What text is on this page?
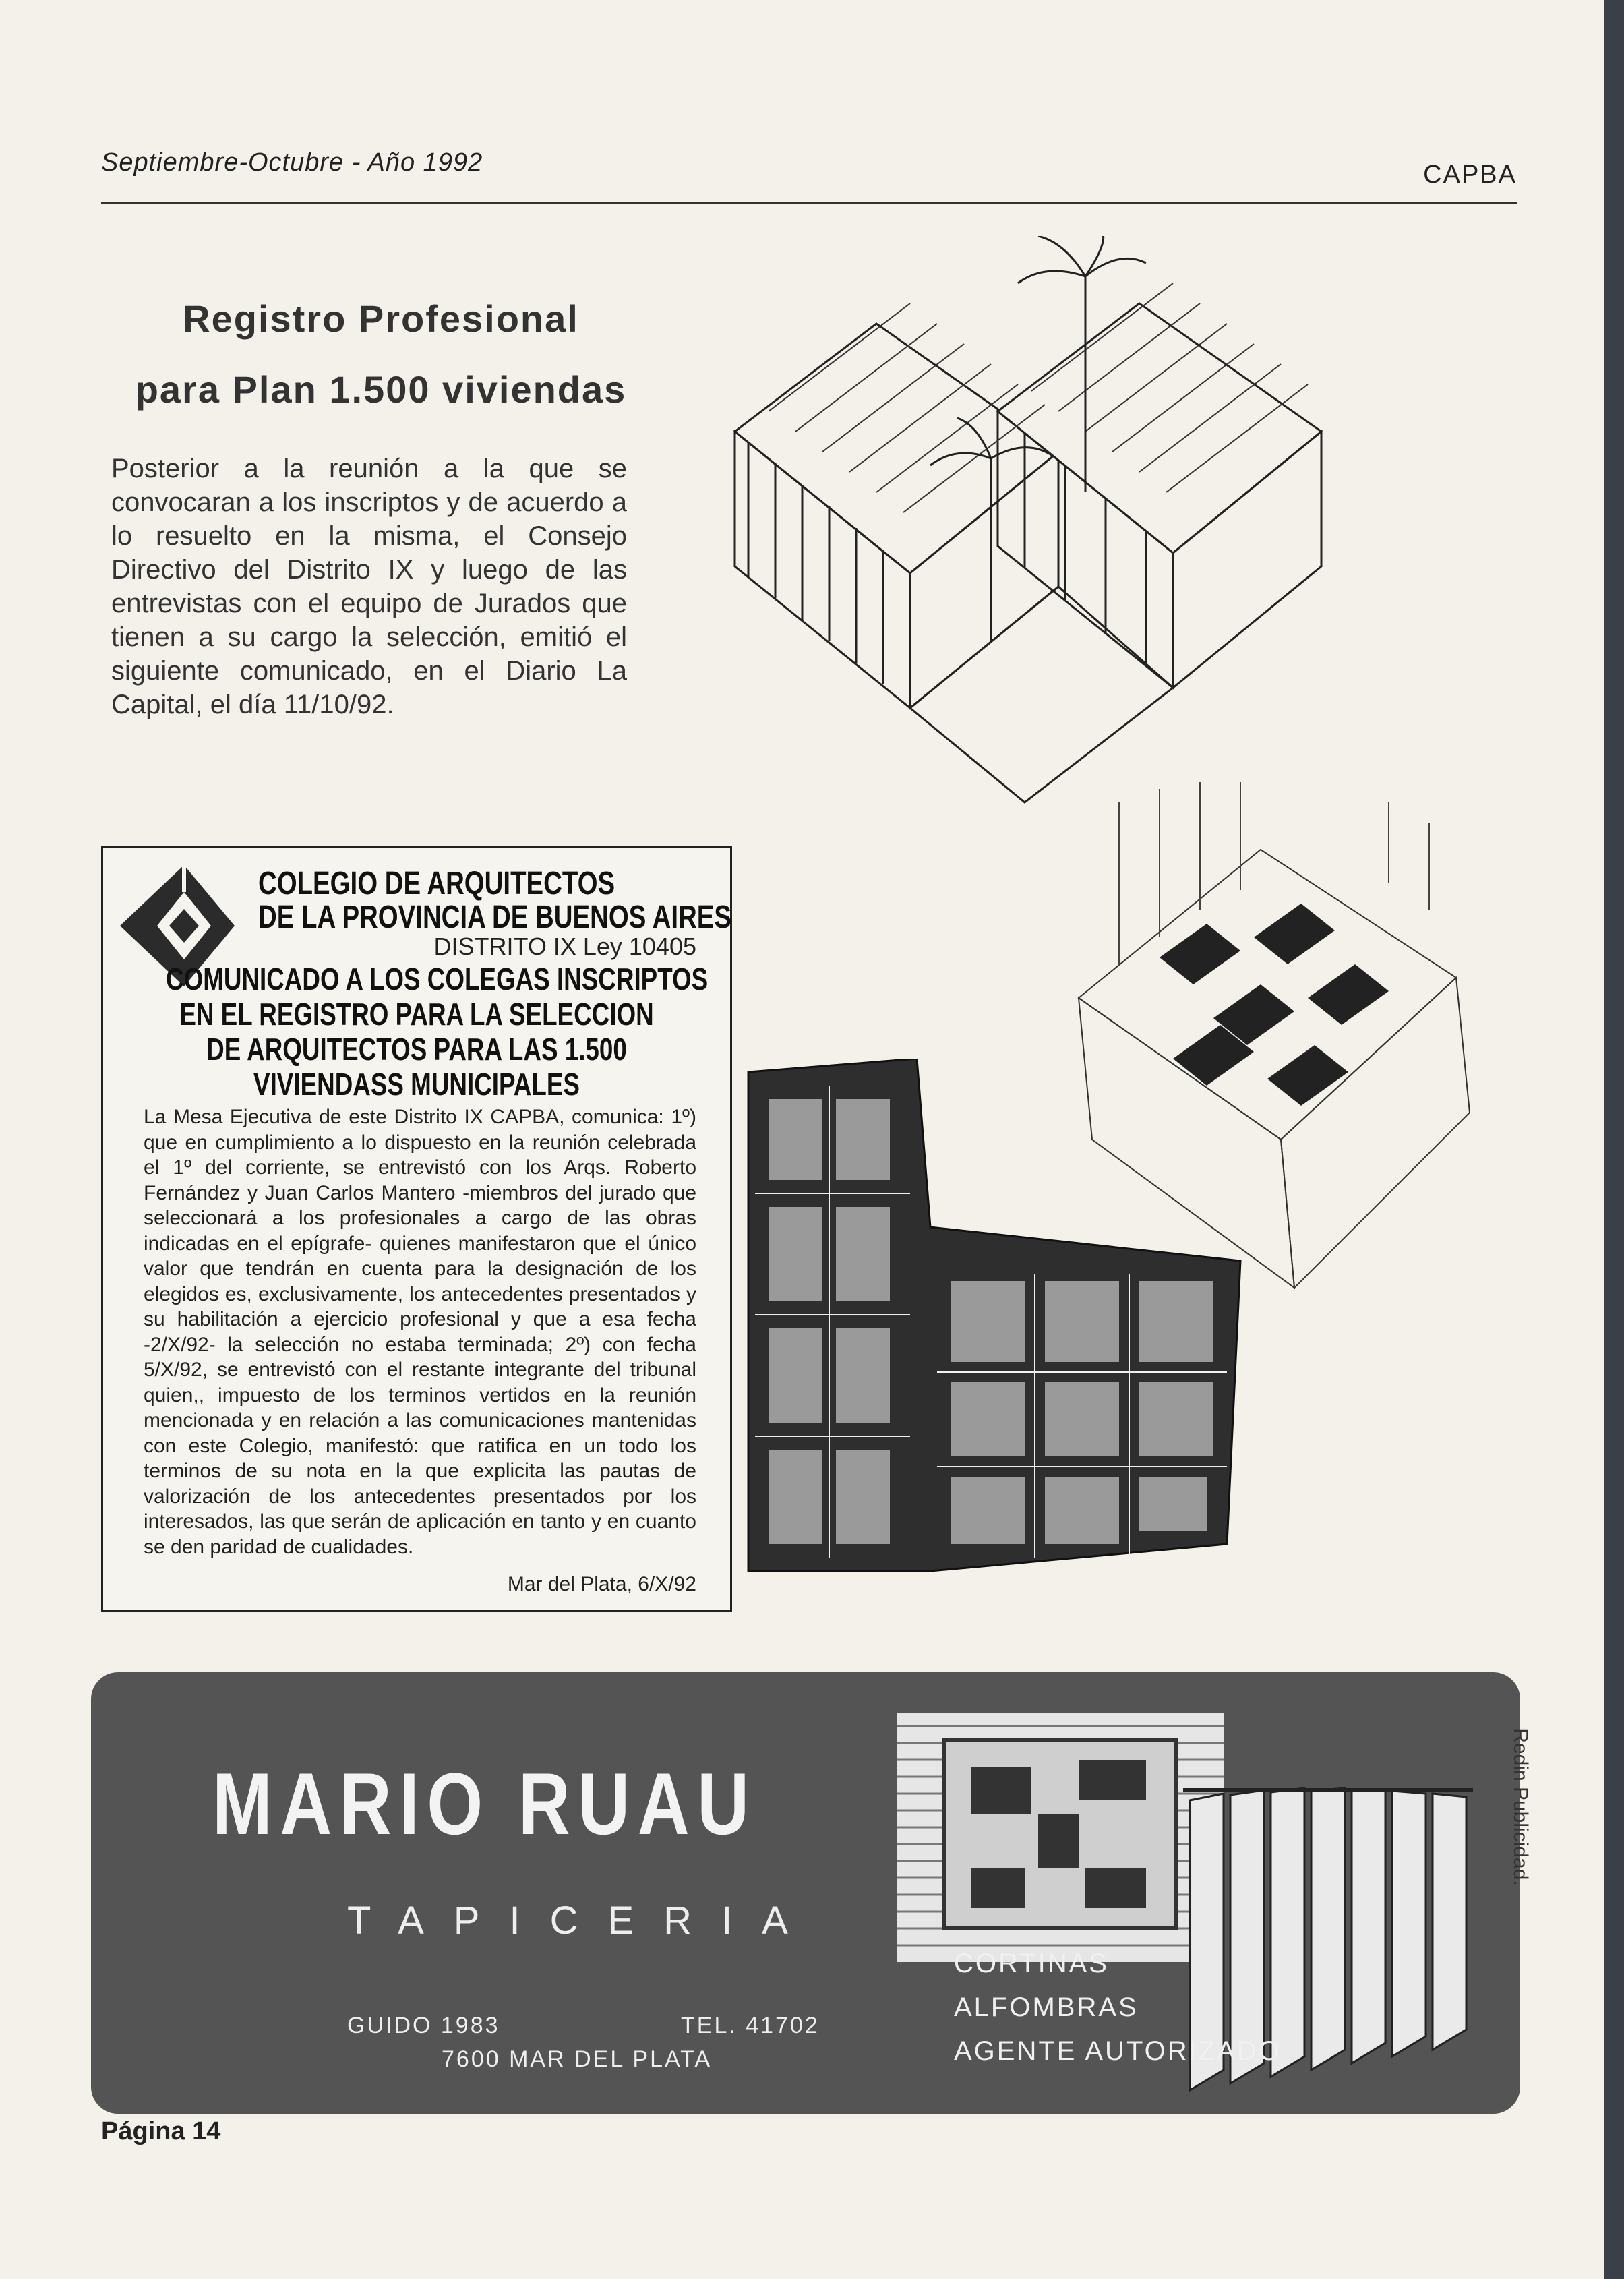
Septiembre-Octubre - Año 1992	CAPBA
Registro Profesional
para Plan 1.500 viviendas
Posterior a la reunión a la que se convocaran a los inscriptos y de acuerdo a lo resuelto en la misma, el Consejo Directivo del Distrito IX y luego de las entrevistas con el equipo de Jurados que tienen a su cargo la selección, emitió el siguiente comunicado, en el Diario La Capital, el día 11/10/92.
COLEGIO DE ARQUITECTOS
DE LA PROVINCIA DE BUENOS AIRES
DISTRITO IX Ley 10405
COMUNICADO A LOS COLEGAS INSCRIPTOS
EN EL REGISTRO PARA LA SELECCION
DE ARQUITECTOS PARA LAS 1.500
VIVIENDASS MUNICIPALES
La Mesa Ejecutiva de este Distrito IX CAPBA, comunica: 1º) que en cumplimiento a lo dispuesto en la reunión celebrada el 1º del corriente, se entrevistó con los Arqs. Roberto Fernández y Juan Carlos Mantero -miembros del jurado que seleccionará a los profesionales a cargo de las obras indicadas en el epígrafe- quienes manifestaron que el único valor que tendrán en cuenta para la designación de los elegidos es, exclusivamente, los antecedentes presentados y su habilitación a ejercicio profesional y que a esa fecha -2/X/92- la selección no estaba terminada; 2º) con fecha 5/X/92, se entrevistó con el restante integrante del tribunal quien,, impuesto de los terminos vertidos en la reunión mencionada y en relación a las comunicaciones mantenidas con este Colegio, manifestó: que ratifica en un todo los terminos de su nota en la que explicita las pautas de valorización de los antecedentes presentados por los interesados, las que serán de aplicación en tanto y en cuanto se den paridad de cualidades.
Mar del Plata, 6/X/92
MARIO RUAU
TAPICERIA
GUIDO 1983	TEL. 41702
7600 MAR DEL PLATA
CORTINAS
ALFOMBRAS
AGENTE AUTORIZADO
Redin Publicidad.
Página 14
